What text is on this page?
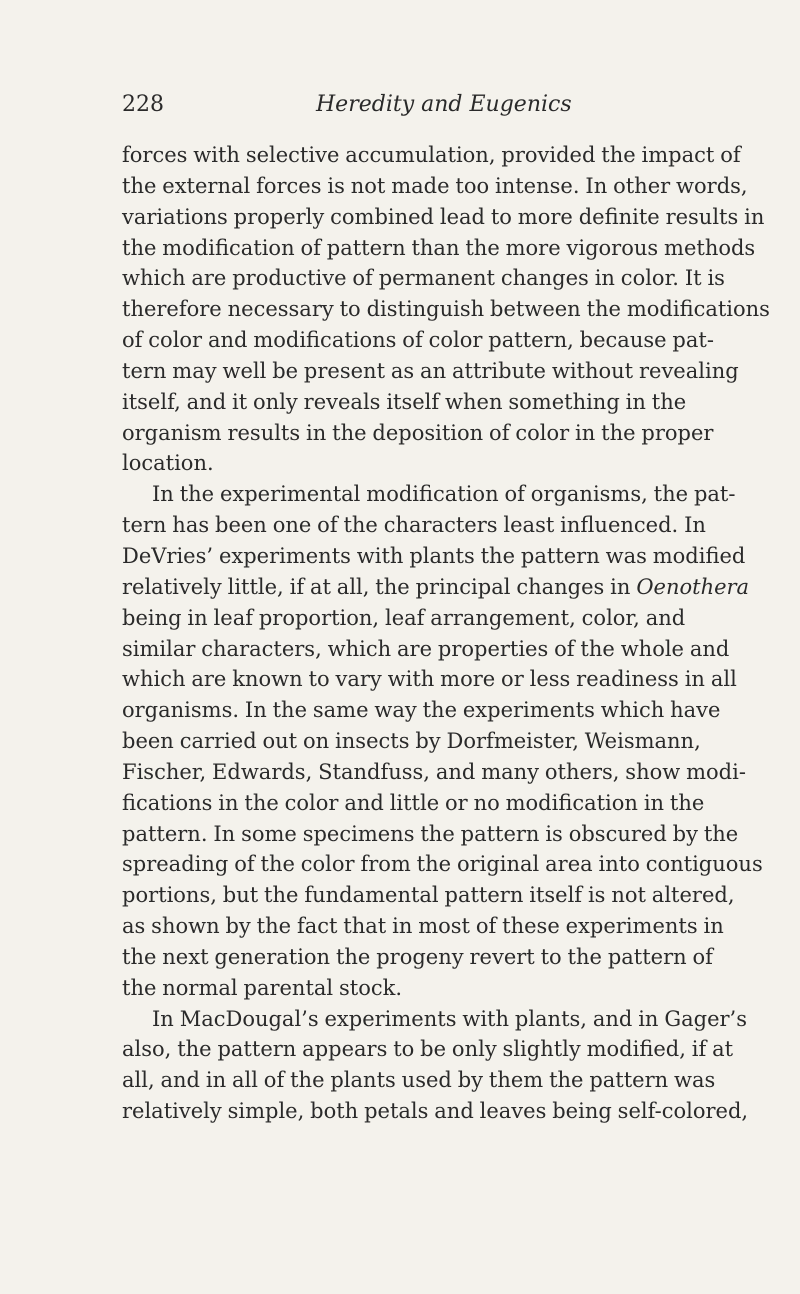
228	Heredity and Eugenics
forces with selective accumulation, provided the impact of
the external forces is not made too intense. In other words,
variations properly combined lead to more definite results in
the modification of pattern than the more vigorous methods
which are productive of permanent changes in color. It is
therefore necessary to distinguish between the modifications
of color and modifications of color pattern, because pat-
tern may well be present as an attribute without revealing
itself, and it only reveals itself when something in the
organism results in the deposition of color in the proper
location.
In the experimental modification of organisms, the pat-
tern has been one of the characters least influenced. In
DeVries’ experiments with plants the pattern was modified
relatively little, if at all, the principal changes in Oenothera
being in leaf proportion, leaf arrangement, color, and
similar characters, which are properties of the whole and
which are known to vary with more or less readiness in all
organisms. In the same way the experiments which have
been carried out on insects by Dorfmeister, Weismann,
Fischer, Edwards, Standfuss, and many others, show modi-
fications in the color and little or no modification in the
pattern. In some specimens the pattern is obscured by the
spreading of the color from the original area into contiguous
portions, but the fundamental pattern itself is not altered,
as shown by the fact that in most of these experiments in
the next generation the progeny revert to the pattern of
the normal parental stock.
In MacDougal’s experiments with plants, and in Gager’s
also, the pattern appears to be only slightly modified, if at
all, and in all of the plants used by them the pattern was
relatively simple, both petals and leaves being self-colored,
